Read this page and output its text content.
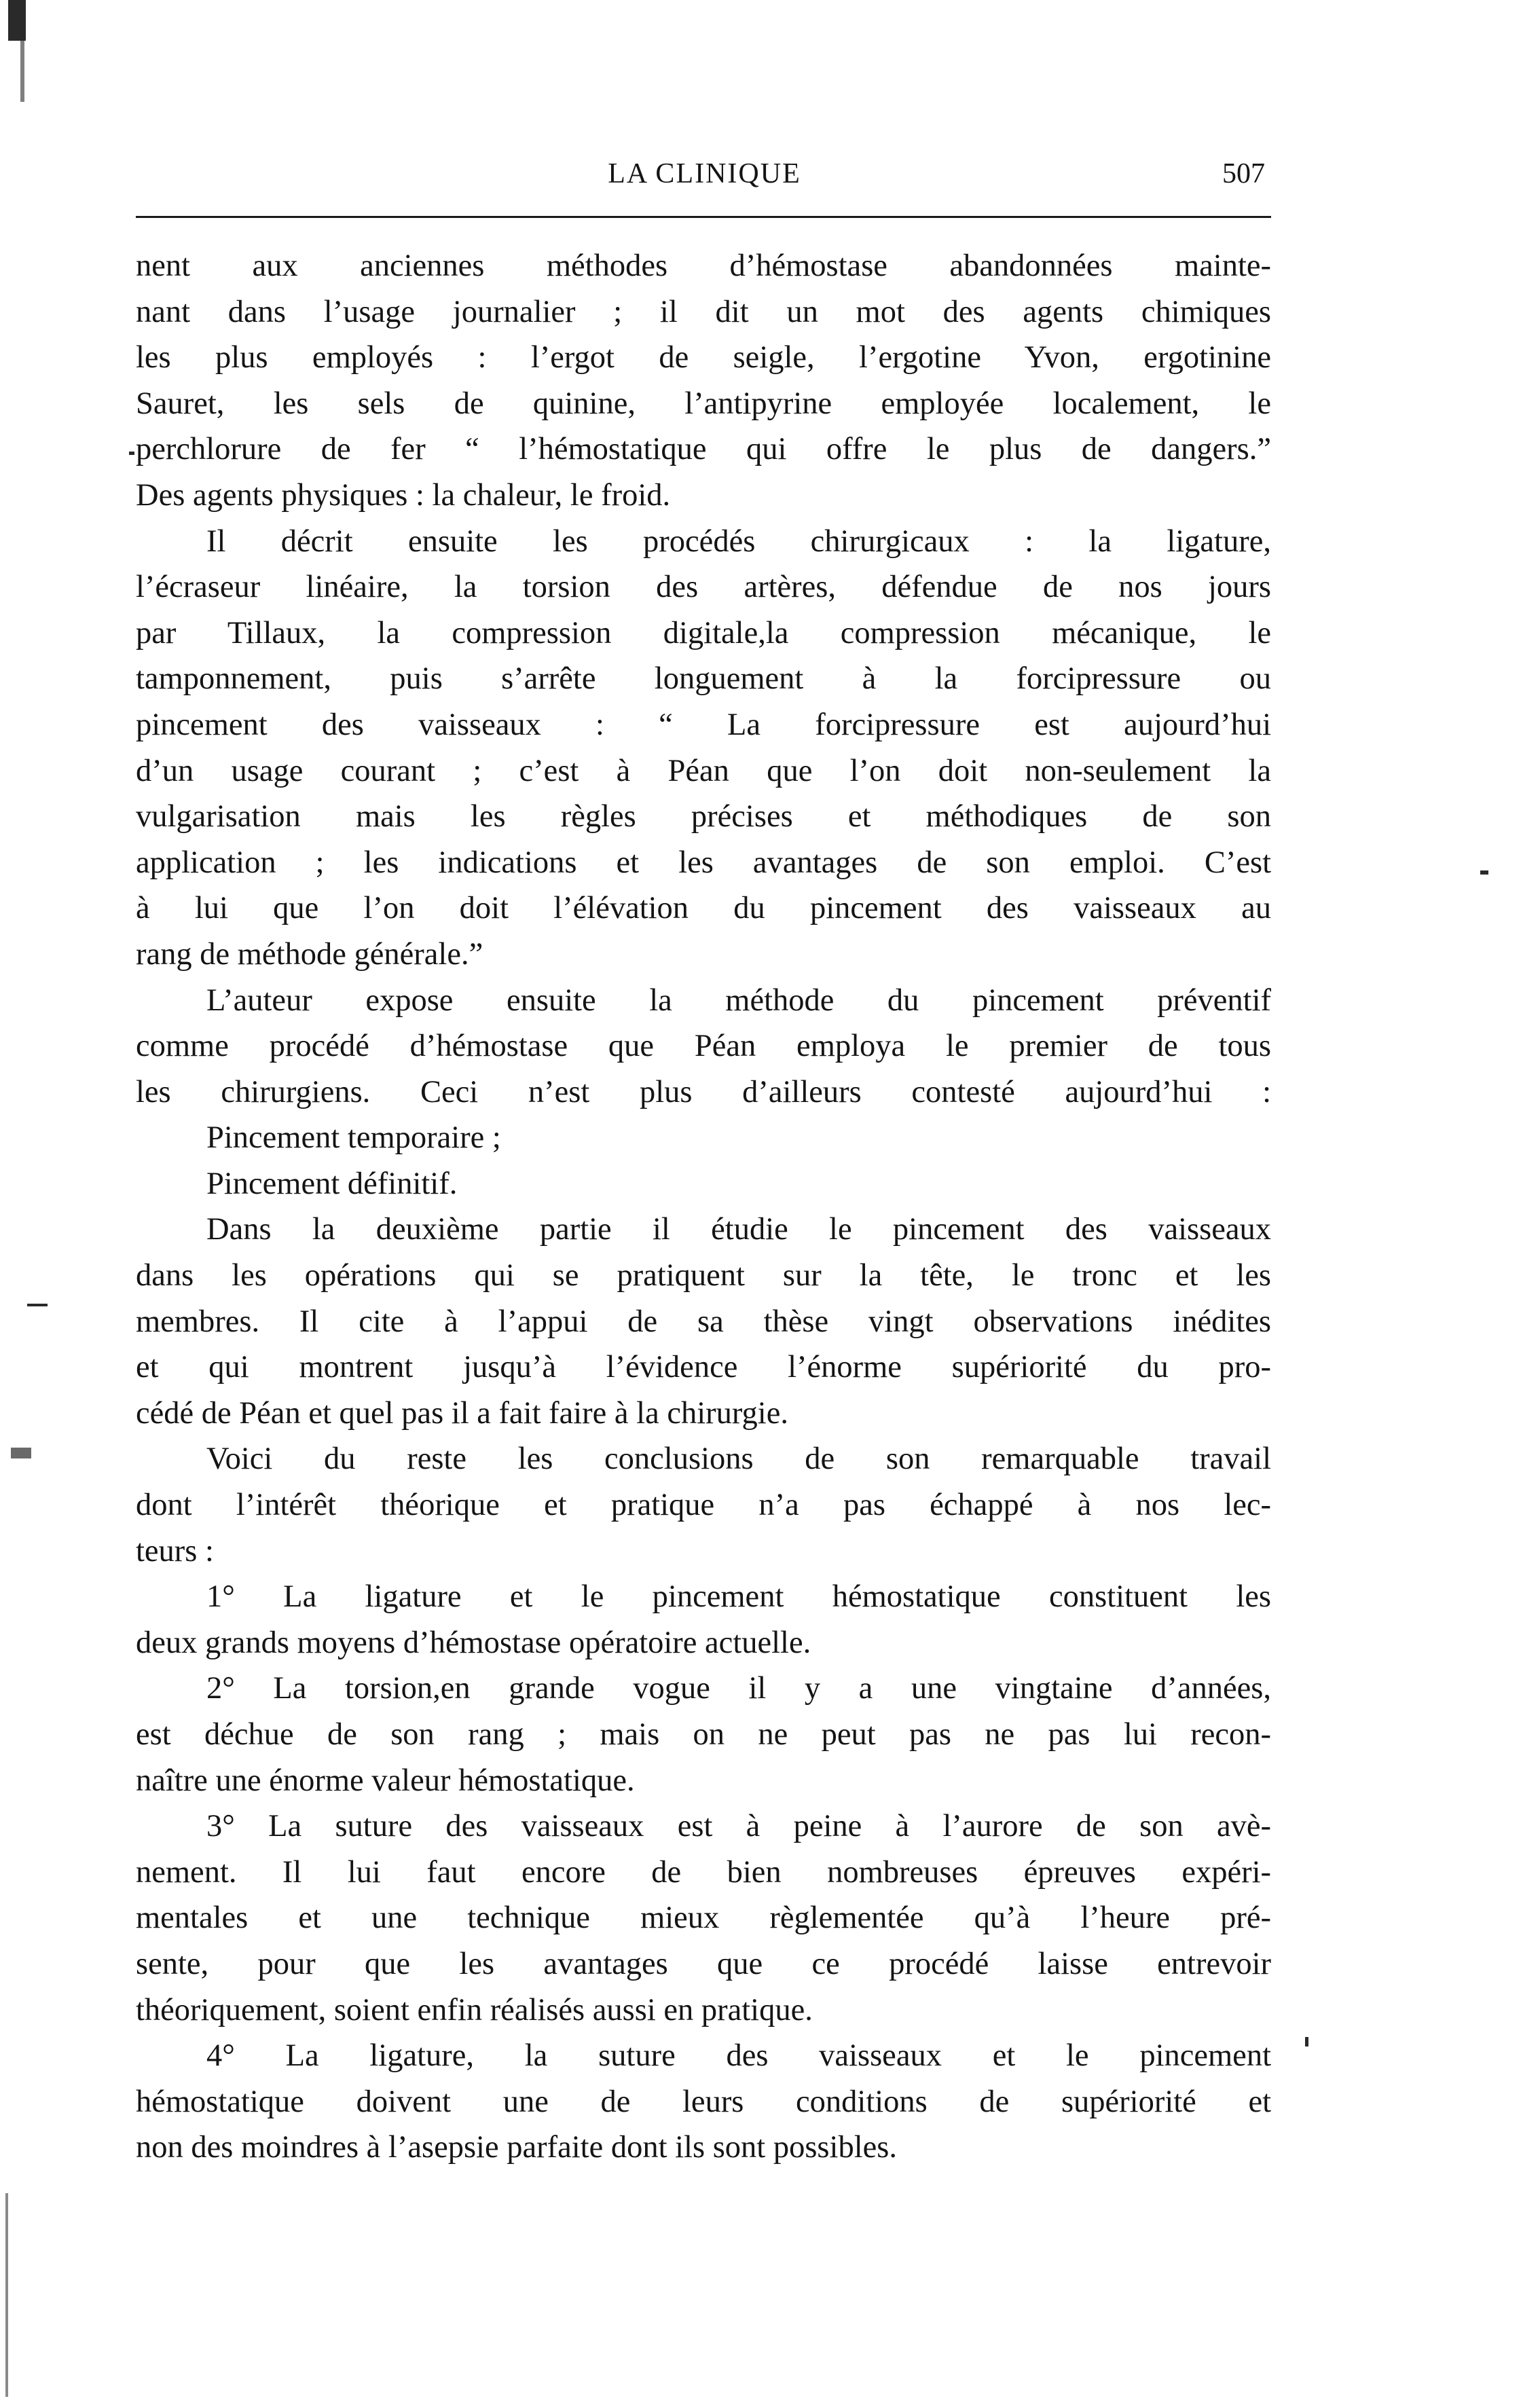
LA CLINIQUE	507
nent aux anciennes méthodes d’hémostase abandonnées mainte-
nant dans l’usage journalier ; il dit un mot des agents chimiques
les plus employés : l’ergot de seigle, l’ergotine Yvon, ergotinine
Sauret, les sels de quinine, l’antipyrine employée localement, le
perchlorure de fer “ l’hémostatique qui offre le plus de dangers.”
Des agents physiques : la chaleur, le froid.
Il décrit ensuite les procédés chirurgicaux : la ligature,
l’écraseur linéaire, la torsion des artères, défendue de nos jours
par Tillaux, la compression digitale,la compression mécanique, le
tamponnement, puis s’arrête longuement à la forcipressure ou
pincement des vaisseaux : “ La forcipressure est aujourd’hui
d’un usage courant ; c’est à Péan que l’on doit non-seulement la
vulgarisation mais les règles précises et méthodiques de son
application ; les indications et les avantages de son emploi. C’est
à lui que l’on doit l’élévation du pincement des vaisseaux au
rang de méthode générale.”
L’auteur expose ensuite la méthode du pincement préventif
comme procédé d’hémostase que Péan employa le premier de tous
les chirurgiens. Ceci n’est plus d’ailleurs contesté aujourd’hui :
Pincement temporaire ;
Pincement définitif.
Dans la deuxième partie il étudie le pincement des vaisseaux
dans les opérations qui se pratiquent sur la tête, le tronc et les
membres. Il cite à l’appui de sa thèse vingt observations inédites
et qui montrent jusqu’à l’évidence l’énorme supériorité du pro-
cédé de Péan et quel pas il a fait faire à la chirurgie.
Voici du reste les conclusions de son remarquable travail
dont l’intérêt théorique et pratique n’a pas échappé à nos lec-
teurs :
1° La ligature et le pincement hémostatique constituent les
deux grands moyens d’hémostase opératoire actuelle.
2° La torsion,en grande vogue il y a une vingtaine d’années,
est déchue de son rang ; mais on ne peut pas ne pas lui recon-
naître une énorme valeur hémostatique.
3° La suture des vaisseaux est à peine à l’aurore de son avè-
nement. Il lui faut encore de bien nombreuses épreuves expéri-
mentales et une technique mieux règlementée qu’à l’heure pré-
sente, pour que les avantages que ce procédé laisse entrevoir
théoriquement, soient enfin réalisés aussi en pratique.
4° La ligature, la suture des vaisseaux et le pincement
hémostatique doivent une de leurs conditions de supériorité et
non des moindres à l’asepsie parfaite dont ils sont possibles.
